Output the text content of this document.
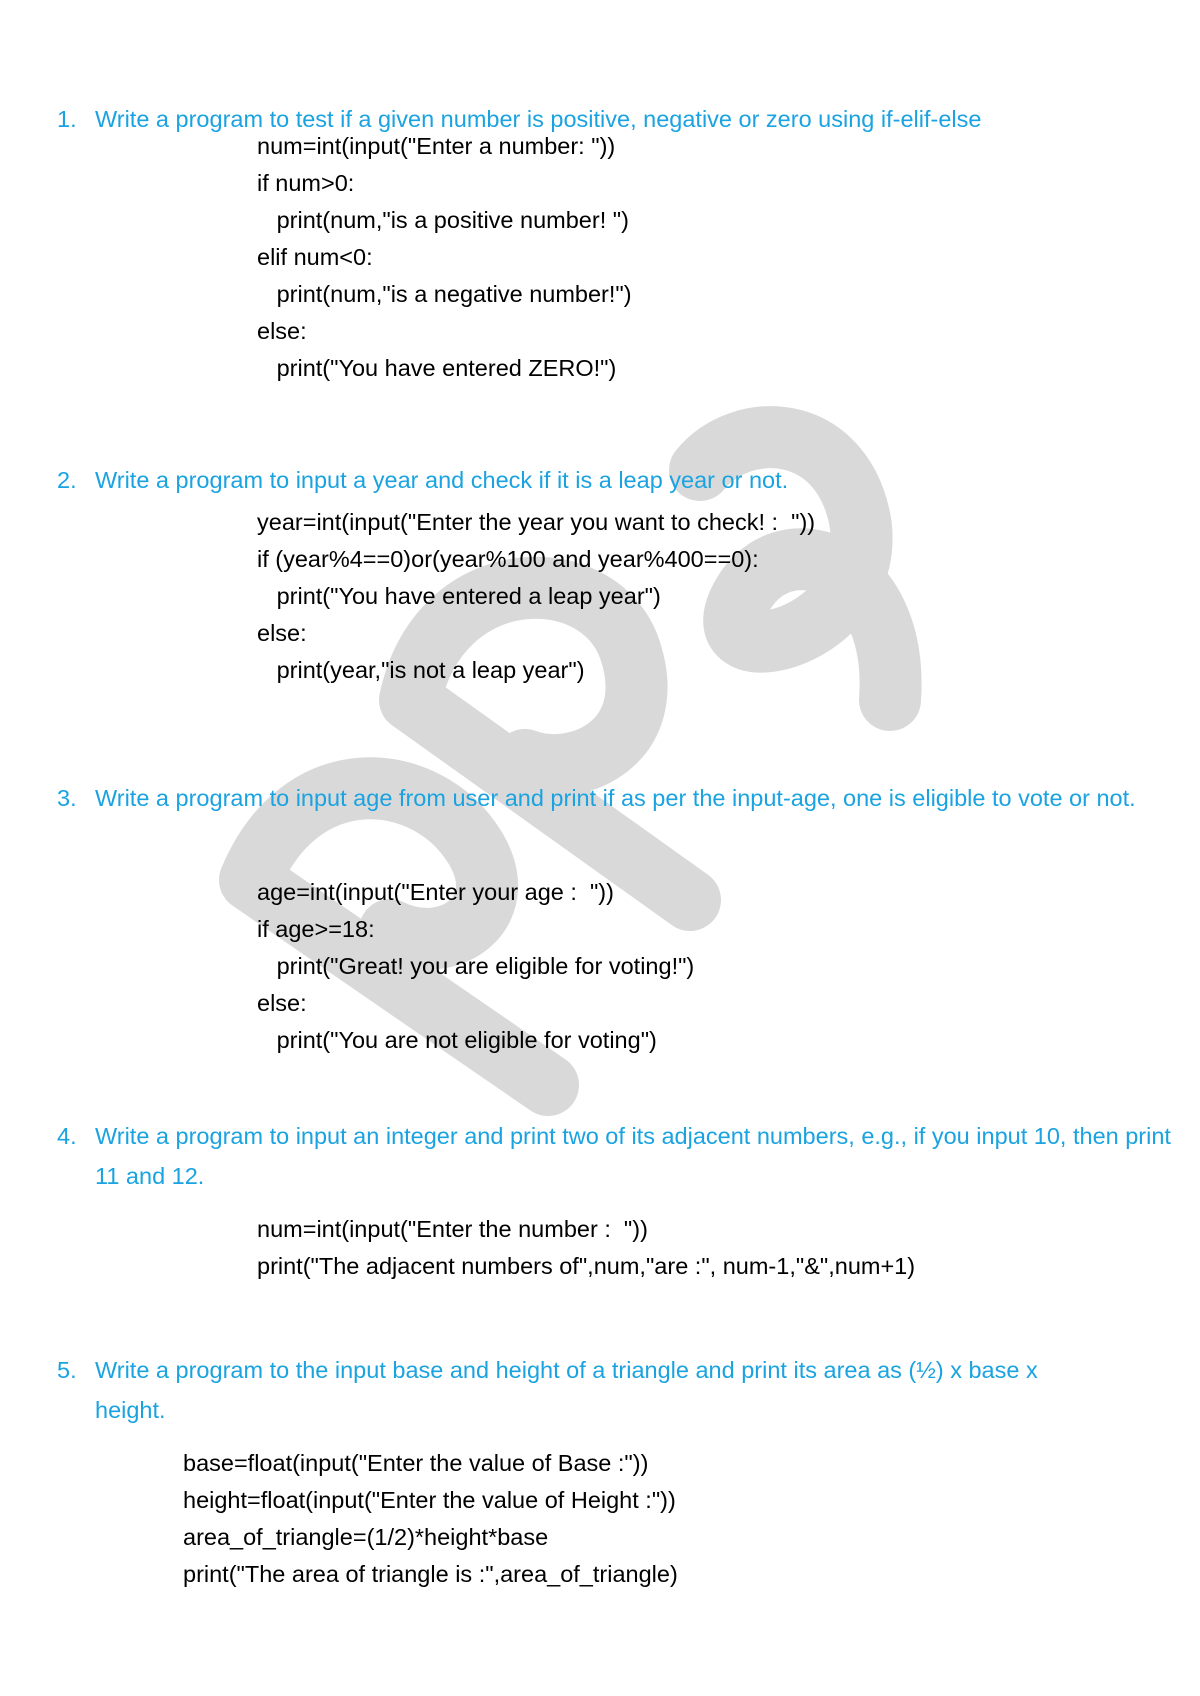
1. Write a program to test if a given number is positive, negative or zero using if-elif-else
num=int(input("Enter a number: "))
if num>0:
print(num,"is a positive number! ")
elif num<0:
print(num,"is a negative number!")
else:
print("You have entered ZERO!")
2. Write a program to input a year and check if it is a leap year or not.
year=int(input("Enter the year you want to check! :  "))
if (year%4==0)or(year%100 and year%400==0):
print("You have entered a leap year")
else:
print(year,"is not a leap year")
3. Write a program to input age from user and print if as per the input-age, one is eligible to vote or not.
age=int(input("Enter your age :  "))
if age>=18:
print("Great! you are eligible for voting!")
else:
print("You are not eligible for voting")
4. Write a program to input an integer and print two of its adjacent numbers, e.g., if you input 10, then print 11 and 12.
num=int(input("Enter the number :  "))
print("The adjacent numbers of",num,"are :", num-1,"&",num+1)
5. Write a program to the input base and height of a triangle and print its area as (½) x base x height.
base=float(input("Enter the value of Base :"))
height=float(input("Enter the value of Height :"))
area_of_triangle=(1/2)*height*base
print("The area of triangle is :",area_of_triangle)
